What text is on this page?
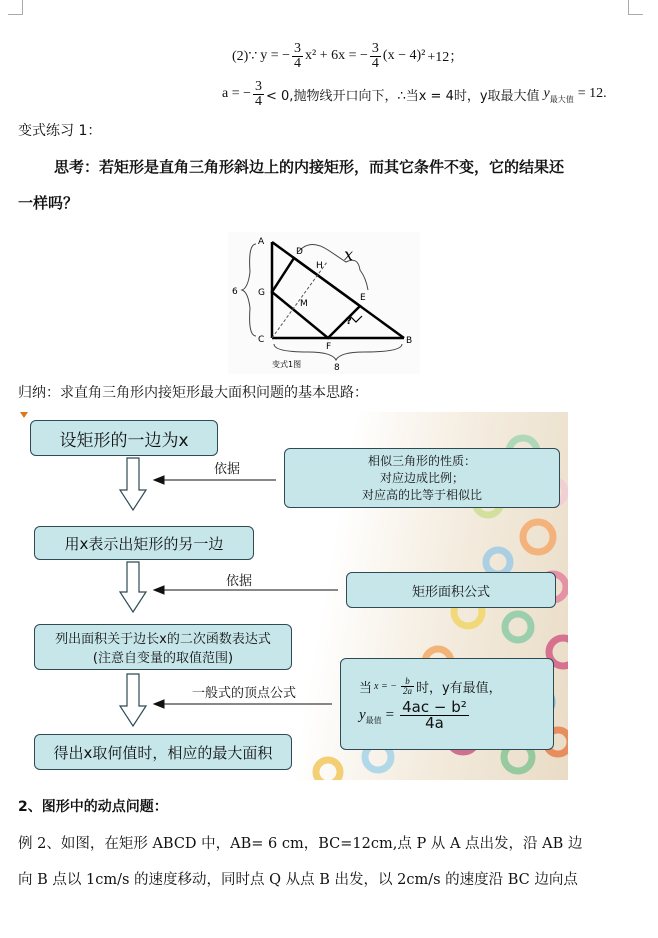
(2)∵ y = − $\frac{3}{4} x^2 + 6x$ = − $\frac{3}{4} (x - 4)^2 +12$；
a = − $\frac{3}{4} < 0$,抛物线开口向下，∴当x = 4时，y取最大值 y 最大值 = 12.
变式练习 1：
思考：若矩形是直角三角形斜边上的内接矩形，而其它条件不变，它的结果还
一样吗？
A
B
C
D
E
F
G
H
M
?
x
6
8
变式1图
归纳：求直角三角形内接矩形最大面积问题的基本思路：
设矩形的一边为x
用x表示出矩形的另一边
列出面积关于边长x的二次函数表达式
(注意自变量的取值范围)
得出x取何值时，相应的最大面积
依据
依据
一般式的顶点公式
相似三角形的性质：
对应边成比例；
对应高的比等于相似比
矩形面积公式
当 x = − $\frac{b}{2a}$ 时，y有最值，
y 最值 = $\frac{\text{4ac − b²}}{4a}$
2、图形中的动点问题：
例 2、如图，在矩形 ABCD 中，AB= 6 cm，BC=12cm,点 P 从 A 点出发，沿 AB 边
向 B 点以 1cm/s 的速度移动，同时点 Q 从点 B 出发，以 2cm/s 的速度沿 BC 边向点
